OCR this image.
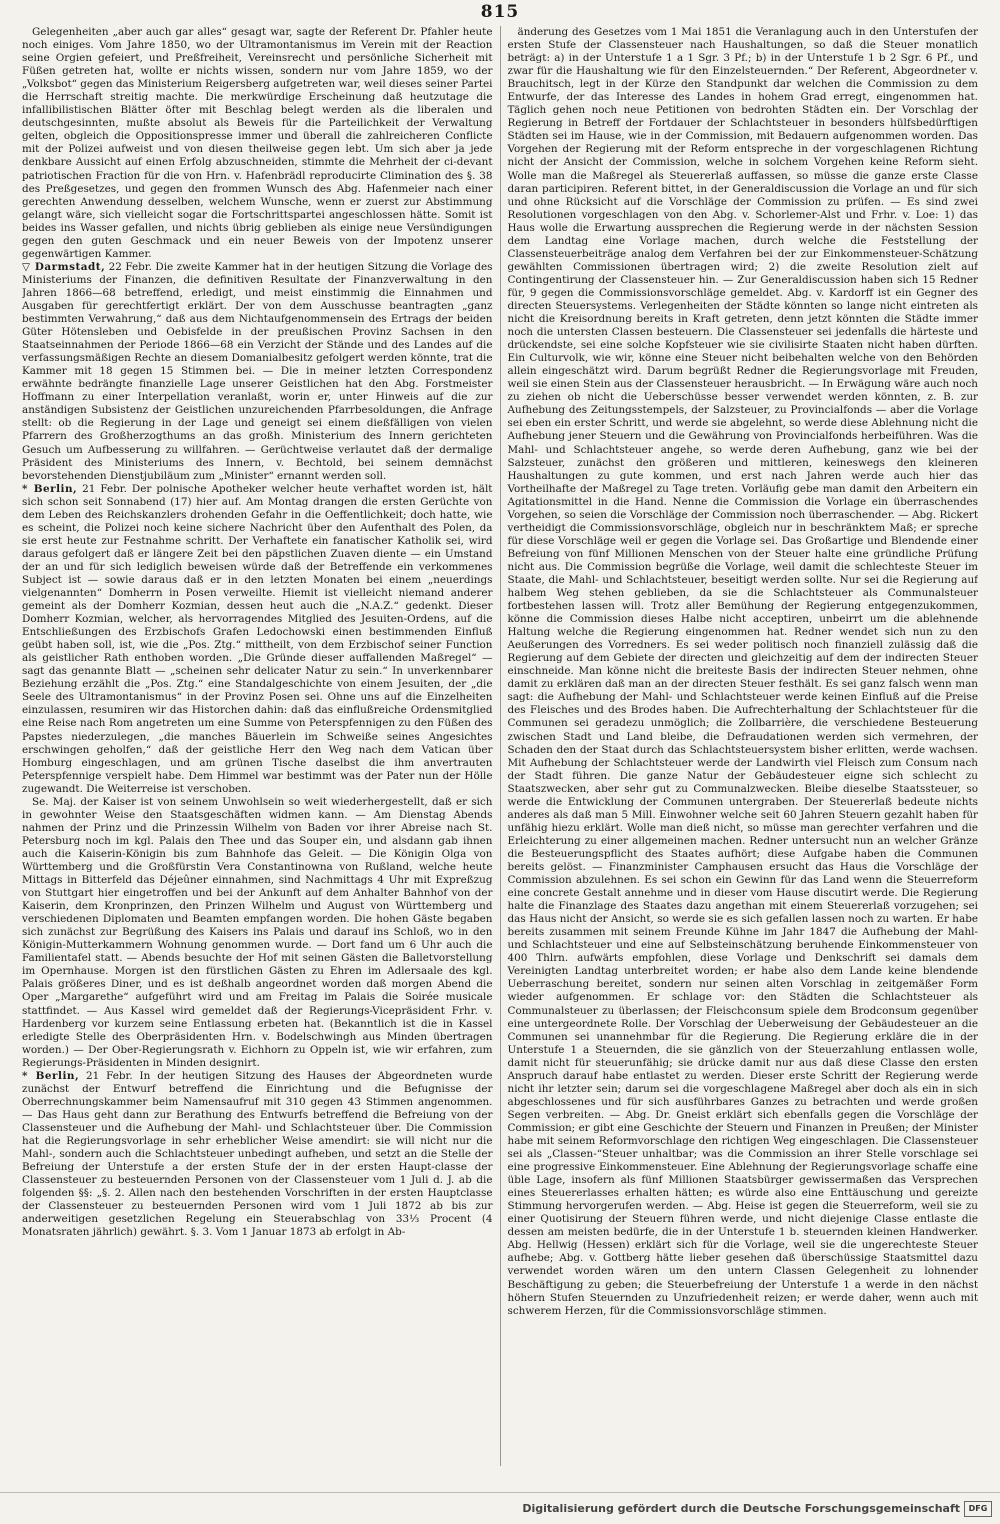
815

Gelegenheiten „aber auch gar alles“ gesagt war, sagte der Referent Dr. Pfahler heute noch einiges. Vom Jahre 1850, wo der Ultramontanismus im Verein mit der Reaction seine Orgien gefeiert, und Preßfreiheit, Vereinsrecht und persönliche Sicherheit mit Füßen getreten hat, wollte er nichts wissen, sondern nur vom Jahre 1859, wo der „Volksbot“ gegen das Ministerium Reigersberg aufgetreten war, weil dieses seiner Partei die Herrschaft streitig machte. Die merkwürdige Erscheinung daß heutzutage die infallibilistischen Blätter öfter mit Beschlag belegt werden als die liberalen und deutschgesinnten, mußte absolut als Beweis für die Parteilichkeit der Verwaltung gelten, obgleich die Oppositionspresse immer und überall die zahlreicheren Conflicte mit der Polizei aufweist und von diesen theilweise gegen lebt. Um sich aber ja jede denkbare Aussicht auf einen Erfolg abzuschneiden, stimmte die Mehrheit der ci-devant patriotischen Fraction für die von Hrn. v. Hafenbrädl reproducirte Climination des §. 38 des Preßgesetzes, und gegen den frommen Wunsch des Abg. Hafenmeier nach einer gerechten Anwendung desselben, welchem Wunsche, wenn er zuerst zur Abstimmung gelangt wäre, sich vielleicht sogar die Fortschrittspartei angeschlossen hätte. Somit ist beides ins Wasser gefallen, und nichts übrig geblieben als einige neue Versündigungen gegen den guten Geschmack und ein neuer Beweis von der Impotenz unserer gegenwärtigen Kammer.

▽ Darmstadt, 22 Febr. Die zweite Kammer hat in der heutigen Sitzung die Vorlage des Ministeriums der Finanzen, die definitiven Resultate der Finanzverwaltung in den Jahren 1866—68 betreffend, erledigt, und meist einstimmig die Einnahmen und Ausgaben für gerechtfertigt erklärt. Der von dem Ausschusse beantragten „ganz bestimmten Verwahrung,“ daß aus dem Nichtaufgenommensein des Ertrags der beiden Güter Hötensleben und Oebisfelde in der preußischen Provinz Sachsen in den Staatseinnahmen der Periode 1866—68 ein Verzicht der Stände und des Landes auf die verfassungsmäßigen Rechte an diesem Domanialbesitz gefolgert werden könnte, trat die Kammer mit 18 gegen 15 Stimmen bei. — Die in meiner letzten Correspondenz erwähnte bedrängte finanzielle Lage unserer Geistlichen hat den Abg. Forstmeister Hoffmann zu einer Interpellation veranlaßt, worin er, unter Hinweis auf die zur anständigen Subsistenz der Geistlichen unzureichenden Pfarrbesoldungen, die Anfrage stellt: ob die Regierung in der Lage und geneigt sei einem dießfälligen von vielen Pfarrern des Großherzogthums an das großh. Ministerium des Innern gerichteten Gesuch um Aufbesserung zu willfahren. — Gerüchtweise verlautet daß der dermalige Präsident des Ministeriums des Innern, v. Bechtold, bei seinem demnächst bevorstehenden Dienstjubiläum zum „Minister“ ernannt werden soll.

* Berlin, 21 Febr. Der polnische Apotheker welcher heute verhaftet worden ist, hält sich schon seit Sonnabend (17) hier auf. Am Montag drangen die ersten Gerüchte von dem Leben des Reichskanzlers drohenden Gefahr in die Oeffentlichkeit; doch hatte, wie es scheint, die Polizei noch keine sichere Nachricht über den Aufenthalt des Polen, da sie erst heute zur Festnahme schritt. Der Verhaftete ein fanatischer Katholik sei, wird daraus gefolgert daß er längere Zeit bei den päpstlichen Zuaven diente — ein Umstand der an und für sich lediglich beweisen würde daß der Betreffende ein verkommenes Subject ist — sowie daraus daß er in den letzten Monaten bei einem „neuerdings vielgenannten“ Domherrn in Posen verweilte. Hiemit ist vielleicht niemand anderer gemeint als der Domherr Kozmian, dessen heut auch die „N.A.Z.“ gedenkt. Dieser Domherr Kozmian, welcher, als hervorragendes Mitglied des Jesuiten-Ordens, auf die Entschließungen des Erzbischofs Grafen Ledochowski einen bestimmenden Einfluß geübt haben soll, ist, wie die „Pos. Ztg.“ mittheilt, von dem Erzbischof seiner Function als geistlicher Rath enthoben worden. „Die Gründe dieser auffallenden Maßregel“ — sagt das genannte Blatt — „scheinen sehr delicater Natur zu sein.“ In unverkennbarer Beziehung erzählt die „Pos. Ztg.“ eine Standalgeschichte von einem Jesuiten, der „die Seele des Ultramontanismus“ in der Provinz Posen sei. Ohne uns auf die Einzelheiten einzulassen, resumiren wir das Historchen dahin: daß das einflußreiche Ordensmitglied eine Reise nach Rom angetreten um eine Summe von Peterspfennigen zu den Füßen des Papstes niederzulegen, „die manches Bäuerlein im Schweiße seines Angesichtes erschwingen geholfen,“ daß der geistliche Herr den Weg nach dem Vatican über Homburg eingeschlagen, und am grünen Tische daselbst die ihm anvertrauten Peterspfennige verspielt habe. Dem Himmel war bestimmt was der Pater nun der Hölle zugewandt. Die Weiterreise ist verschoben.

Se. Maj. der Kaiser ist von seinem Unwohlsein so weit wiederhergestellt, daß er sich in gewohnter Weise den Staatsgeschäften widmen kann. — Am Dienstag Abends nahmen der Prinz und die Prinzessin Wilhelm von Baden vor ihrer Abreise nach St. Petersburg noch im kgl. Palais den Thee und das Souper ein, und alsdann gab ihnen auch die Kaiserin-Königin bis zum Bahnhofe das Geleit. — Die Königin Olga von Württemberg und die Großfürstin Vera Constantinowna von Rußland, welche heute Mittags in Bitterfeld das Déjeûner einnahmen, sind Nachmittags 4 Uhr mit Expreßzug von Stuttgart hier eingetroffen und bei der Ankunft auf dem Anhalter Bahnhof von der Kaiserin, dem Kronprinzen, den Prinzen Wilhelm und August von Württemberg und verschiedenen Diplomaten und Beamten empfangen worden. Die hohen Gäste begaben sich zunächst zur Begrüßung des Kaisers ins Palais und darauf ins Schloß, wo in den Königin-Mutterkammern Wohnung genommen wurde. — Dort fand um 6 Uhr auch die Familientafel statt. — Abends besuchte der Hof mit seinen Gästen die Balletvorstellung im Opernhause. Morgen ist den fürstlichen Gästen zu Ehren im Adlersaale des kgl. Palais größeres Diner, und es ist deßhalb angeordnet worden daß morgen Abend die Oper „Margarethe“ aufgeführt wird und am Freitag im Palais die Soirée musicale stattfindet. — Aus Kassel wird gemeldet daß der Regierungs-Vicepräsident Frhr. v. Hardenberg vor kurzem seine Entlassung erbeten hat. (Bekanntlich ist die in Kassel erledigte Stelle des Oberpräsidenten Hrn. v. Bodelschwingh aus Minden übertragen worden.) — Der Ober-Regierungsrath v. Eichhorn zu Oppeln ist, wie wir erfahren, zum Regierungs-Präsidenten in Minden designirt.

* Berlin, 21 Febr. In der heutigen Sitzung des Hauses der Abgeordneten wurde zunächst der Entwurf betreffend die Einrichtung und die Befugnisse der Oberrechnungskammer beim Namensaufruf mit 310 gegen 43 Stimmen angenommen. — Das Haus geht dann zur Berathung des Entwurfs betreffend die Befreiung von der Classensteuer und die Aufhebung der Mahl- und Schlachtsteuer über. Die Commission hat die Regierungsvorlage in sehr erheblicher Weise amendirt: sie will nicht nur die Mahl-, sondern auch die Schlachtsteuer unbedingt aufheben, und setzt an die Stelle der Befreiung der Unterstufe a der ersten Stufe der in der ersten Haupt-classe der Classensteuer zu besteuernden Personen von der Classensteuer vom 1 Juli d. J. ab die folgenden §§: „§. 2. Allen nach den bestehenden Vorschriften in der ersten Hauptclasse der Classensteuer zu besteuernden Personen wird vom 1 Juli 1872 ab bis zur anderweitigen gesetzlichen Regelung ein Steuerabschlag von 33⅓ Procent (4 Monatsraten jährlich) gewährt. §. 3. Vom 1 Januar 1873 ab erfolgt in Ab-

änderung des Gesetzes vom 1 Mai 1851 die Veranlagung auch in den Unterstufen der ersten Stufe der Classensteuer nach Haushaltungen, so daß die Steuer monatlich beträgt: a) in der Unterstufe 1 a 1 Sgr. 3 Pf.; b) in der Unterstufe 1 b 2 Sgr. 6 Pf., und zwar für die Haushaltung wie für den Einzelsteuernden.“ Der Referent, Abgeordneter v. Brauchitsch, legt in der Kürze den Standpunkt dar welchen die Commission zu dem Entwurfe, der das Interesse des Landes in hohem Grad erregt, eingenommen hat. Täglich gehen noch neue Petitionen von bedrohten Städten ein. Der Vorschlag der Regierung in Betreff der Fortdauer der Schlachtsteuer in besonders hülfsbedürftigen Städten sei im Hause, wie in der Commission, mit Bedauern aufgenommen worden. Das Vorgehen der Regierung mit der Reform entspreche in der vorgeschlagenen Richtung nicht der Ansicht der Commission, welche in solchem Vorgehen keine Reform sieht. Wolle man die Maßregel als Steuererlaß auffassen, so müsse die ganze erste Classe daran participiren. Referent bittet, in der Generaldiscussion die Vorlage an und für sich und ohne Rücksicht auf die Vorschläge der Commission zu prüfen. — Es sind zwei Resolutionen vorgeschlagen von den Abg. v. Schorlemer-Alst und Frhr. v. Loe: 1) das Haus wolle die Erwartung aussprechen die Regierung werde in der nächsten Session dem Landtag eine Vorlage machen, durch welche die Feststellung der Classensteuerbeiträge analog dem Verfahren bei der zur Einkommensteuer-Schätzung gewählten Commissionen übertragen wird; 2) die zweite Resolution zielt auf Contingentirung der Classensteuer hin. — Zur Generaldiscussion haben sich 15 Redner für, 9 gegen die Commissionsvorschläge gemeldet. Abg. v. Kardorff ist ein Gegner des directen Steuersystems. Verlegenheiten der Städte könnten so lange nicht eintreten als nicht die Kreisordnung bereits in Kraft getreten, denn jetzt könnten die Städte immer noch die untersten Classen besteuern. Die Classensteuer sei jedenfalls die härteste und drückendste, sei eine solche Kopfsteuer wie sie civilisirte Staaten nicht haben dürften. Ein Culturvolk, wie wir, könne eine Steuer nicht beibehalten welche von den Behörden allein eingeschätzt wird. Darum begrüßt Redner die Regierungsvorlage mit Freuden, weil sie einen Stein aus der Classensteuer herausbricht. — In Erwägung wäre auch noch zu ziehen ob nicht die Ueberschüsse besser verwendet werden könnten, z. B. zur Aufhebung des Zeitungsstempels, der Salzsteuer, zu Provincialfonds — aber die Vorlage sei eben ein erster Schritt, und werde sie abgelehnt, so werde diese Ablehnung nicht die Aufhebung jener Steuern und die Gewährung von Provincialfonds herbeiführen. Was die Mahl- und Schlachtsteuer angehe, so werde deren Aufhebung, ganz wie bei der Salzsteuer, zunächst den größeren und mittleren, keineswegs den kleineren Haushaltungen zu gute kommen, und erst nach Jahren werde auch hier das Vortheilhafte der Maßregel zu Tage treten. Vorläufig gebe man damit den Arbeitern ein Agitationsmittel in die Hand. Nenne die Commission die Vorlage ein überraschendes Vorgehen, so seien die Vorschläge der Commission noch überraschender. — Abg. Rickert vertheidigt die Commissionsvorschläge, obgleich nur in beschränktem Maß; er spreche für diese Vorschläge weil er gegen die Vorlage sei. Das Großartige und Blendende einer Befreiung von fünf Millionen Menschen von der Steuer halte eine gründliche Prüfung nicht aus. Die Commission begrüße die Vorlage, weil damit die schlechteste Steuer im Staate, die Mahl- und Schlachtsteuer, beseitigt werden sollte. Nur sei die Regierung auf halbem Weg stehen geblieben, da sie die Schlachtsteuer als Communalsteuer fortbestehen lassen will. Trotz aller Bemühung der Regierung entgegenzukommen, könne die Commission dieses Halbe nicht acceptiren, unbeirrt um die ablehnende Haltung welche die Regierung eingenommen hat. Redner wendet sich nun zu den Aeußerungen des Vorredners. Es sei weder politisch noch finanziell zulässig daß die Regierung auf dem Gebiete der directen und gleichzeitig auf dem der indirecten Steuer einschneide. Man könne nicht die breiteste Basis der indirecten Steuer nehmen, ohne damit zu erklären daß man an der directen Steuer festhält. Es sei ganz falsch wenn man sagt: die Aufhebung der Mahl- und Schlachtsteuer werde keinen Einfluß auf die Preise des Fleisches und des Brodes haben. Die Aufrechterhaltung der Schlachtsteuer für die Communen sei geradezu unmöglich; die Zollbarrière, die verschiedene Besteuerung zwischen Stadt und Land bleibe, die Defraudationen werden sich vermehren, der Schaden den der Staat durch das Schlachtsteuersystem bisher erlitten, werde wachsen. Mit Aufhebung der Schlachtsteuer werde der Landwirth viel Fleisch zum Consum nach der Stadt führen. Die ganze Natur der Gebäudesteuer eigne sich schlecht zu Staatszwecken, aber sehr gut zu Communalzwecken. Bleibe dieselbe Staatssteuer, so werde die Entwicklung der Communen untergraben. Der Steuererlaß bedeute nichts anderes als daß man 5 Mill. Einwohner welche seit 60 Jahren Steuern gezahlt haben für unfähig hiezu erklärt. Wolle man dieß nicht, so müsse man gerechter verfahren und die Erleichterung zu einer allgemeinen machen. Redner untersucht nun an welcher Gränze die Besteuerungspflicht des Staates aufhört; diese Aufgabe haben die Communen bereits gelöst. — Finanzminister Camphausen ersucht das Haus die Vorschläge der Commission abzulehnen. Es sei schon ein Gewinn für das Land wenn die Steuerreform eine concrete Gestalt annehme und in dieser vom Hause discutirt werde. Die Regierung halte die Finanzlage des Staates dazu angethan mit einem Steuererlaß vorzugehen; sei das Haus nicht der Ansicht, so werde sie es sich gefallen lassen noch zu warten. Er habe bereits zusammen mit seinem Freunde Kühne im Jahr 1847 die Aufhebung der Mahl- und Schlachtsteuer und eine auf Selbsteinschätzung beruhende Einkommensteuer von 400 Thlrn. aufwärts empfohlen, diese Vorlage und Denkschrift sei damals dem Vereinigten Landtag unterbreitet worden; er habe also dem Lande keine blendende Ueberraschung bereitet, sondern nur seinen alten Vorschlag in zeitgemäßer Form wieder aufgenommen. Er schlage vor: den Städten die Schlachtsteuer als Communalsteuer zu überlassen; der Fleischconsum spiele dem Brodconsum gegenüber eine untergeordnete Rolle. Der Vorschlag der Ueberweisung der Gebäudesteuer an die Communen sei unannehmbar für die Regierung. Die Regierung erkläre die in der Unterstufe 1 a Steuernden, die sie gänzlich von der Steuerzahlung entlassen wolle, damit nicht für steuerunfähig; sie drücke damit nur aus daß diese Classe den ersten Anspruch darauf habe entlastet zu werden. Dieser erste Schritt der Regierung werde nicht ihr letzter sein; darum sei die vorgeschlagene Maßregel aber doch als ein in sich abgeschlossenes und für sich ausführbares Ganzes zu betrachten und werde großen Segen verbreiten. — Abg. Dr. Gneist erklärt sich ebenfalls gegen die Vorschläge der Commission; er gibt eine Geschichte der Steuern und Finanzen in Preußen; der Minister habe mit seinem Reformvorschlage den richtigen Weg eingeschlagen. Die Classensteuer sei als „Classen-“Steuer unhaltbar; was die Commission an ihrer Stelle vorschlage sei eine progressive Einkommensteuer. Eine Ablehnung der Regierungsvorlage schaffe eine üble Lage, insofern als fünf Millionen Staatsbürger gewissermaßen das Versprechen eines Steuererlasses erhalten hätten; es würde also eine Enttäuschung und gereizte Stimmung hervorgerufen werden. — Abg. Heise ist gegen die Steuerreform, weil sie zu einer Quotisirung der Steuern führen werde, und nicht diejenige Classe entlaste die dessen am meisten bedürfe, die in der Unterstufe 1 b. steuernden kleinen Handwerker. Abg. Hellwig (Hessen) erklärt sich für die Vorlage, weil sie die ungerechteste Steuer aufhebe; Abg. v. Gottberg hätte lieber gesehen daß überschüssige Staatsmittel dazu verwendet worden wären um den untern Classen Gelegenheit zu lohnender Beschäftigung zu geben; die Steuerbefreiung der Unterstufe 1 a werde in den nächst höhern Stufen Steuernden zu Unzufriedenheit reizen; er werde daher, wenn auch mit schwerem Herzen, für die Commissionsvorschläge stimmen.

Digitalisierung gefördert durch die Deutsche Forschungsgemeinschaft	DFG
